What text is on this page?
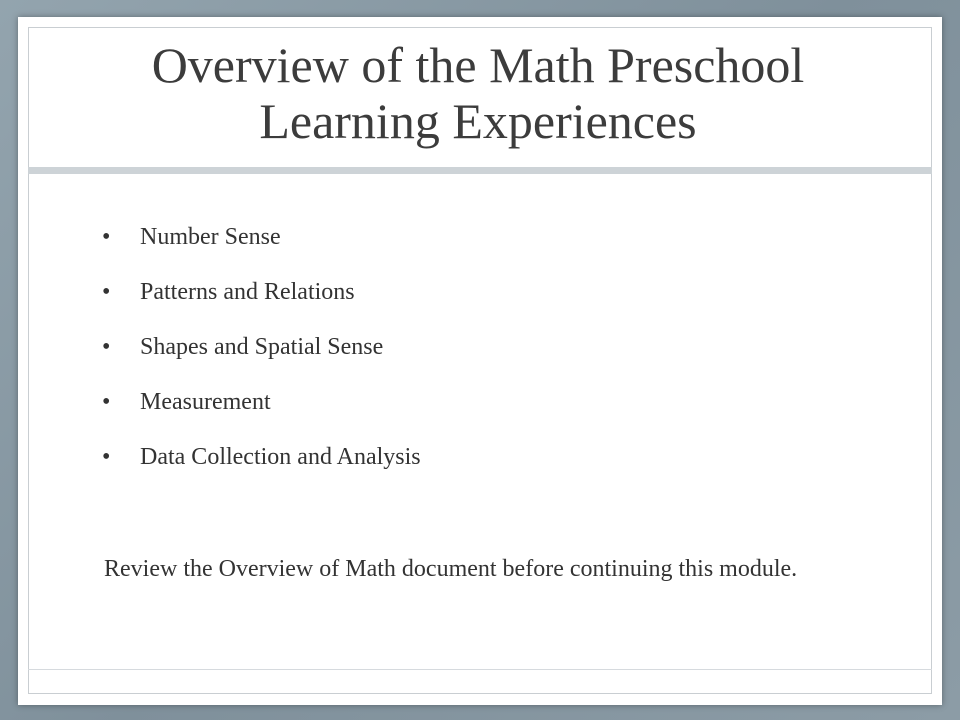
Overview of the Math Preschool
Learning Experiences
• Number Sense
• Patterns and Relations
• Shapes and Spatial Sense
• Measurement
• Data Collection and Analysis
Review the Overview of Math document before continuing this module.
